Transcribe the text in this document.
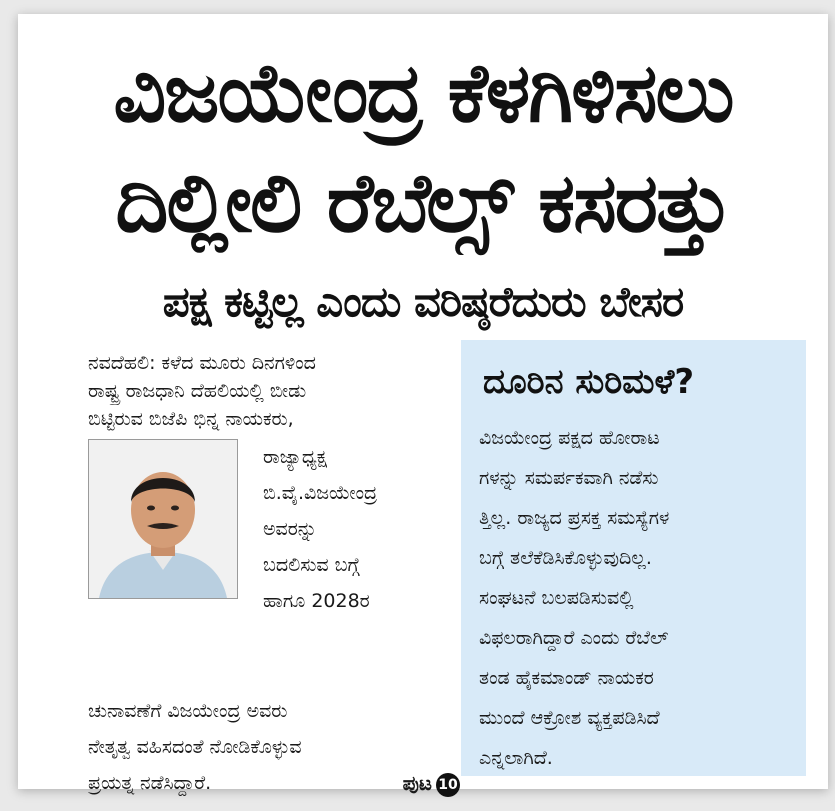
ವಿಜಯೇಂದ್ರ ಕೆಳಗಿಳಿಸಲು
ದಿಲ್ಲೀಲಿ ರೆಬೆಲ್ಸ್ ಕಸರತ್ತು
ಪಕ್ಷ ಕಟ್ಟಿಲ್ಲ ಎಂದು ವರಿಷ್ಠರೆದುರು ಬೇಸರ

ನವದೆಹಲಿ: ಕಳೆದ ಮೂರು ದಿನಗಳಿಂದ

ರಾಷ್ಟ್ರ ರಾಜಧಾನಿ ದೆಹಲಿಯಲ್ಲಿ ಬೀಡು

ಬಿಟ್ಟಿರುವ ಬಿಜೆಪಿ ಭಿನ್ನ ನಾಯಕರು,

ರಾಜ್ಯಾಧ್ಯಕ್ಷ
ಬಿ.ವೈ.ವಿಜಯೇಂದ್ರ
ಅವರನ್ನು
ಬದಲಿಸುವ ಬಗ್ಗೆ
ಹಾಗೂ 2028ರ
ಚುನಾವಣೆಗೆ ವಿಜಯೇಂದ್ರ ಅವರು
ನೇತೃತ್ವ ವಹಿಸದಂತೆ ನೋಡಿಕೊಳ್ಳುವ
ಪ್ರಯತ್ನ ನಡೆಸಿದ್ದಾರೆ.	ಪುಟ 10
ದೂರಿನ ಸುರಿಮಳೆ?
ವಿಜಯೇಂದ್ರ ಪಕ್ಷದ ಹೋರಾಟ
ಗಳನ್ನು ಸಮರ್ಪಕವಾಗಿ ನಡೆಸು
ತ್ತಿಲ್ಲ. ರಾಜ್ಯದ ಪ್ರಸಕ್ತ ಸಮಸ್ಯೆಗಳ
ಬಗ್ಗೆ ತಲೆಕೆಡಿಸಿಕೊಳ್ಳುವುದಿಲ್ಲ.
ಸಂಘಟನೆ ಬಲಪಡಿಸುವಲ್ಲಿ
ವಿಫಲರಾಗಿದ್ದಾರೆ ಎಂದು ರೆಬೆಲ್
ತಂಡ ಹೈಕಮಾಂಡ್ ನಾಯಕರ
ಮುಂದೆ ಆಕ್ರೋಶ ವ್ಯಕ್ತಪಡಿಸಿದೆ
ಎನ್ನಲಾಗಿದೆ.
